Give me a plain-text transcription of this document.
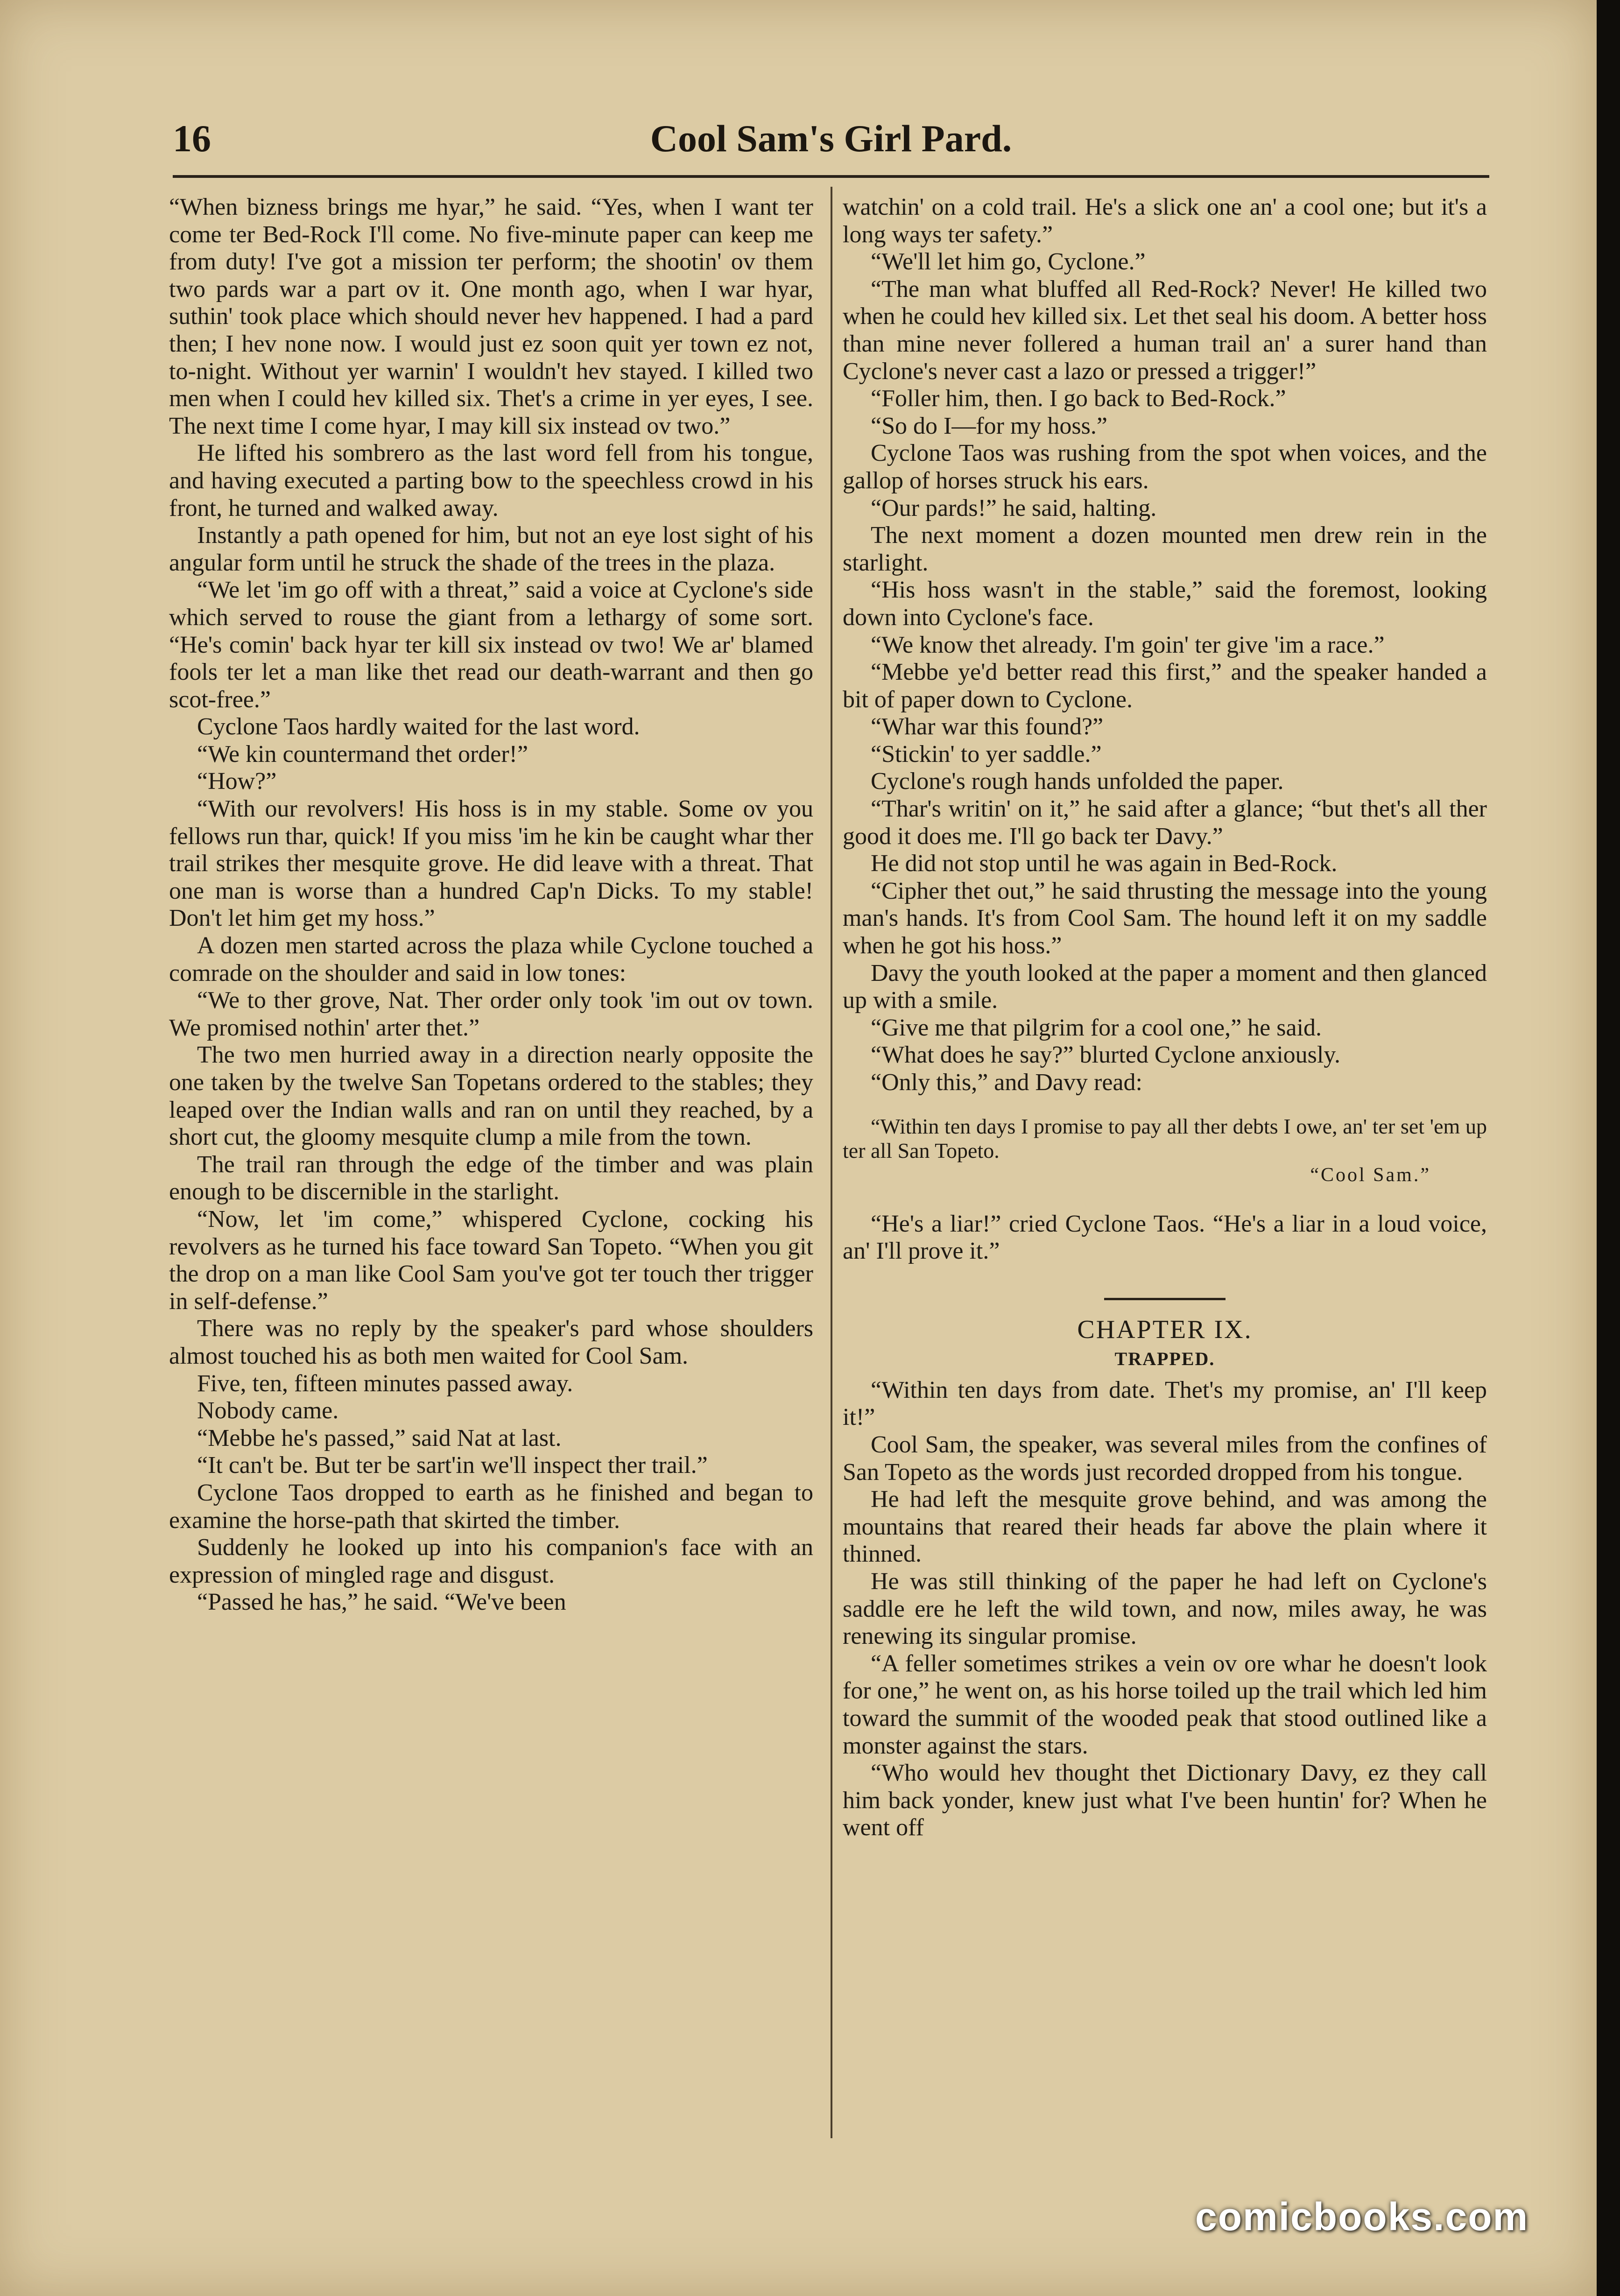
16	Cool Sam's Girl Pard.

“When bizness brings me hyar,” he said. “Yes, when I want ter come ter Bed-Rock I'll come. No five-minute paper can keep me from duty! I've got a mission ter perform; the shootin' ov them two pards war a part ov it. One month ago, when I war hyar, suthin' took place which should never hev happened. I had a pard then; I hev none now. I would just ez soon quit yer town ez not, to-night. Without yer warnin' I wouldn't hev stayed. I killed two men when I could hev killed six. Thet's a crime in yer eyes, I see. The next time I come hyar, I may kill six instead ov two.”

He lifted his sombrero as the last word fell from his tongue, and having executed a parting bow to the speechless crowd in his front, he turned and walked away.

Instantly a path opened for him, but not an eye lost sight of his angular form until he struck the shade of the trees in the plaza.

“We let 'im go off with a threat,” said a voice at Cyclone's side which served to rouse the giant from a lethargy of some sort. “He's comin' back hyar ter kill six instead ov two! We ar' blamed fools ter let a man like thet read our death-warrant and then go scot-free.”

Cyclone Taos hardly waited for the last word.

“We kin countermand thet order!”

“How?”

“With our revolvers! His hoss is in my stable. Some ov you fellows run thar, quick! If you miss 'im he kin be caught whar ther trail strikes ther mesquite grove. He did leave with a threat. That one man is worse than a hundred Cap'n Dicks. To my stable! Don't let him get my hoss.”

A dozen men started across the plaza while Cyclone touched a comrade on the shoulder and said in low tones:

“We to ther grove, Nat. Ther order only took 'im out ov town. We promised nothin' arter thet.”

The two men hurried away in a direction nearly opposite the one taken by the twelve San Topetans ordered to the stables; they leaped over the Indian walls and ran on until they reached, by a short cut, the gloomy mesquite clump a mile from the town.

The trail ran through the edge of the timber and was plain enough to be discernible in the starlight.

“Now, let 'im come,” whispered Cyclone, cocking his revolvers as he turned his face toward San Topeto. “When you git the drop on a man like Cool Sam you've got ter touch ther trigger in self-defense.”

There was no reply by the speaker's pard whose shoulders almost touched his as both men waited for Cool Sam.

Five, ten, fifteen minutes passed away.

Nobody came.

“Mebbe he's passed,” said Nat at last.

“It can't be. But ter be sart'in we'll inspect ther trail.”

Cyclone Taos dropped to earth as he finished and began to examine the horse-path that skirted the timber.

Suddenly he looked up into his companion's face with an expression of mingled rage and disgust.

“Passed he has,” he said. “We've been

watchin' on a cold trail. He's a slick one an' a cool one; but it's a long ways ter safety.”

“We'll let him go, Cyclone.”

“The man what bluffed all Red-Rock? Never! He killed two when he could hev killed six. Let thet seal his doom. A better hoss than mine never follered a human trail an' a surer hand than Cyclone's never cast a lazo or pressed a trigger!”

“Foller him, then. I go back to Bed-Rock.”

“So do I—for my hoss.”

Cyclone Taos was rushing from the spot when voices, and the gallop of horses struck his ears.

“Our pards!” he said, halting.

The next moment a dozen mounted men drew rein in the starlight.

“His hoss wasn't in the stable,” said the foremost, looking down into Cyclone's face.

“We know thet already. I'm goin' ter give 'im a race.”

“Mebbe ye'd better read this first,” and the speaker handed a bit of paper down to Cyclone.

“Whar war this found?”

“Stickin' to yer saddle.”

Cyclone's rough hands unfolded the paper.

“Thar's writin' on it,” he said after a glance; “but thet's all ther good it does me. I'll go back ter Davy.”

He did not stop until he was again in Bed-Rock.

“Cipher thet out,” he said thrusting the message into the young man's hands. It's from Cool Sam. The hound left it on my saddle when he got his hoss.”

Davy the youth looked at the paper a moment and then glanced up with a smile.

“Give me that pilgrim for a cool one,” he said.

“What does he say?” blurted Cyclone anxiously.

“Only this,” and Davy read:

“Within ten days I promise to pay all ther debts I owe, an' ter set 'em up ter all San Topeto.

“Cool Sam.”

“He's a liar!” cried Cyclone Taos. “He's a liar in a loud voice, an' I'll prove it.”

CHAPTER IX.
TRAPPED.

“Within ten days from date. Thet's my promise, an' I'll keep it!”

Cool Sam, the speaker, was several miles from the confines of San Topeto as the words just recorded dropped from his tongue.

He had left the mesquite grove behind, and was among the mountains that reared their heads far above the plain where it thinned.

He was still thinking of the paper he had left on Cyclone's saddle ere he left the wild town, and now, miles away, he was renewing its singular promise.

“A feller sometimes strikes a vein ov ore whar he doesn't look for one,” he went on, as his horse toiled up the trail which led him toward the summit of the wooded peak that stood outlined like a monster against the stars.

“Who would hev thought thet Dictionary Davy, ez they call him back yonder, knew just what I've been huntin' for? When he went off

comicbooks.com
